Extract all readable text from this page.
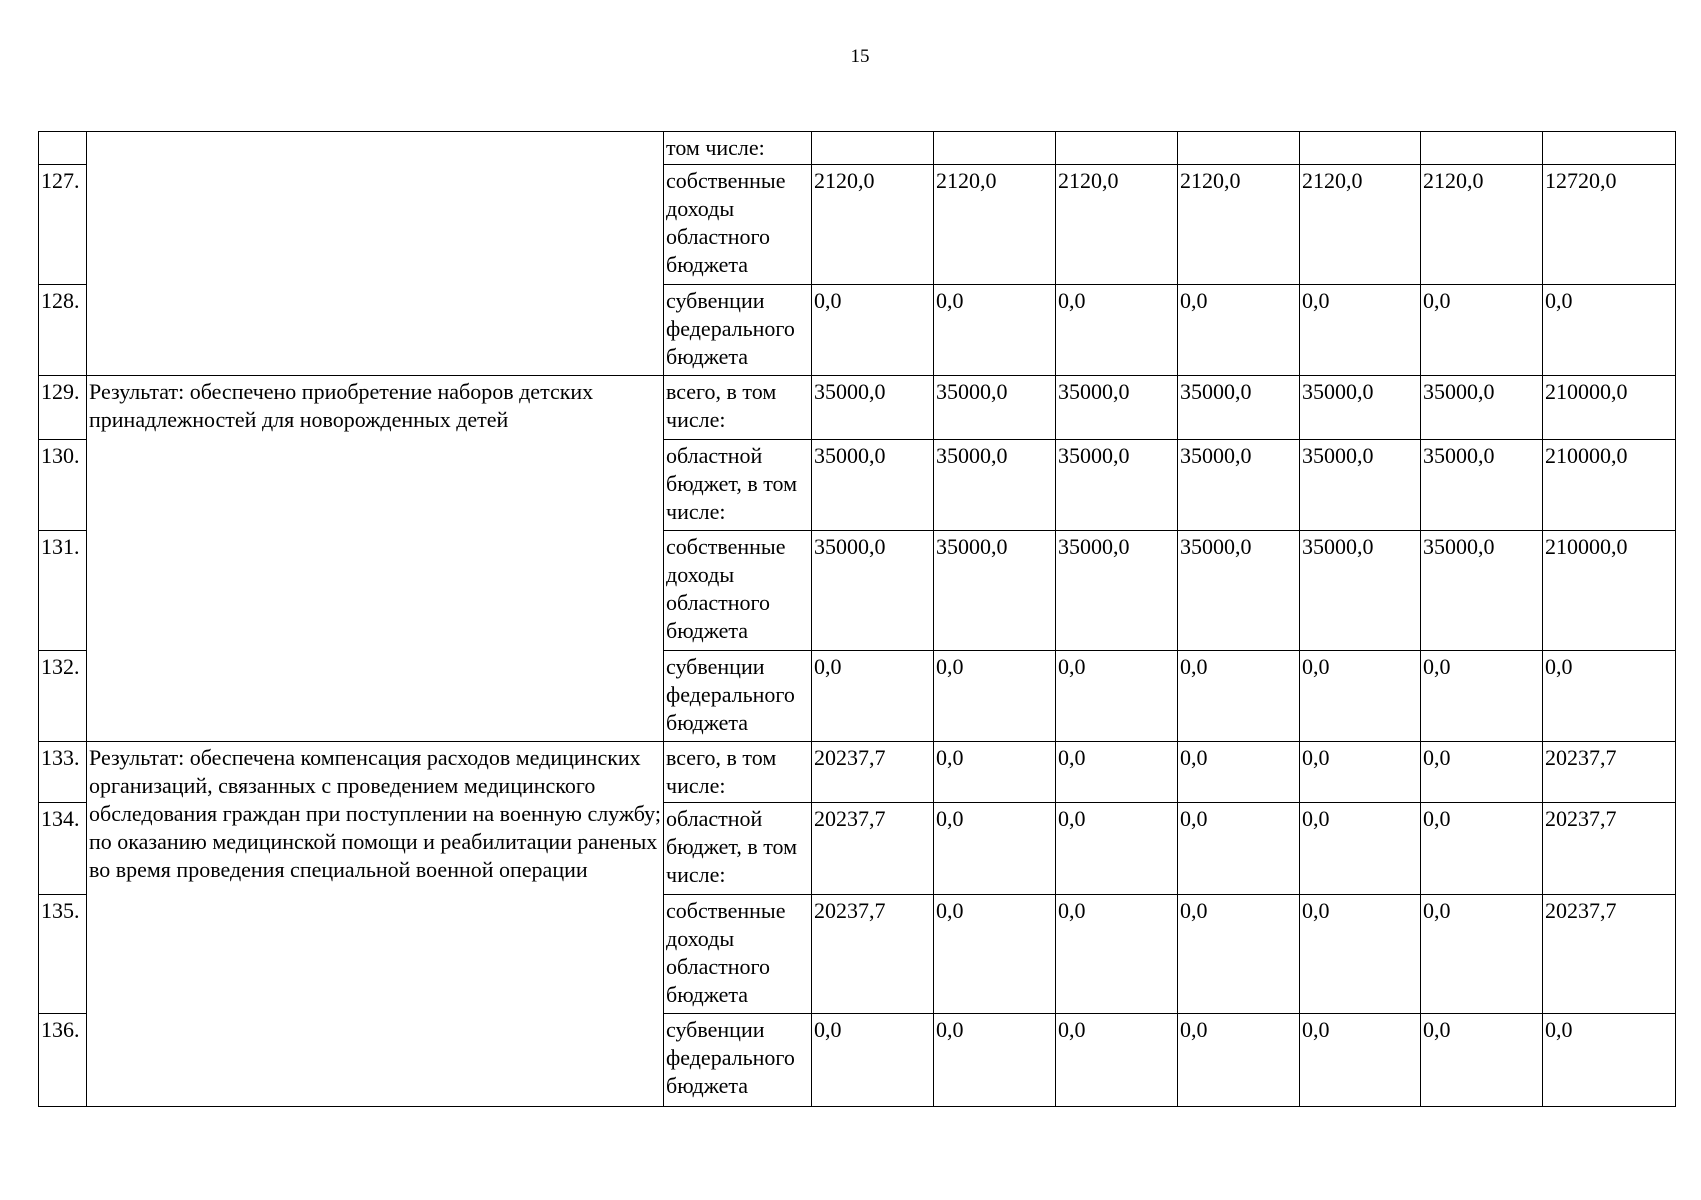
15
		том числе:							
127.		собственные доходы областного бюджета	2120,0	2120,0	2120,0	2120,0	2120,0	2120,0	12720,0
128.		субвенции федерального бюджета	0,0	0,0	0,0	0,0	0,0	0,0	0,0
129.	Результат: обеспечено приобретение наборов детских принадлежностей для новорожденных детей	всего, в том числе:	35000,0	35000,0	35000,0	35000,0	35000,0	35000,0	210000,0
130.		областной бюджет, в том числе:	35000,0	35000,0	35000,0	35000,0	35000,0	35000,0	210000,0
131.		собственные доходы областного бюджета	35000,0	35000,0	35000,0	35000,0	35000,0	35000,0	210000,0
132.		субвенции федерального бюджета	0,0	0,0	0,0	0,0	0,0	0,0	0,0
133.	Результат: обеспечена компенсация расходов медицинских организаций, связанных с проведением медицинского обследования граждан при поступлении на военную службу; по оказанию медицинской помощи и реабилитации раненых во время проведения специальной военной операции	всего, в том числе:	20237,7	0,0	0,0	0,0	0,0	0,0	20237,7
134.		областной бюджет, в том числе:	20237,7	0,0	0,0	0,0	0,0	0,0	20237,7
135.		собственные доходы областного бюджета	20237,7	0,0	0,0	0,0	0,0	0,0	20237,7
136.		субвенции федерального бюджета	0,0	0,0	0,0	0,0	0,0	0,0	0,0
